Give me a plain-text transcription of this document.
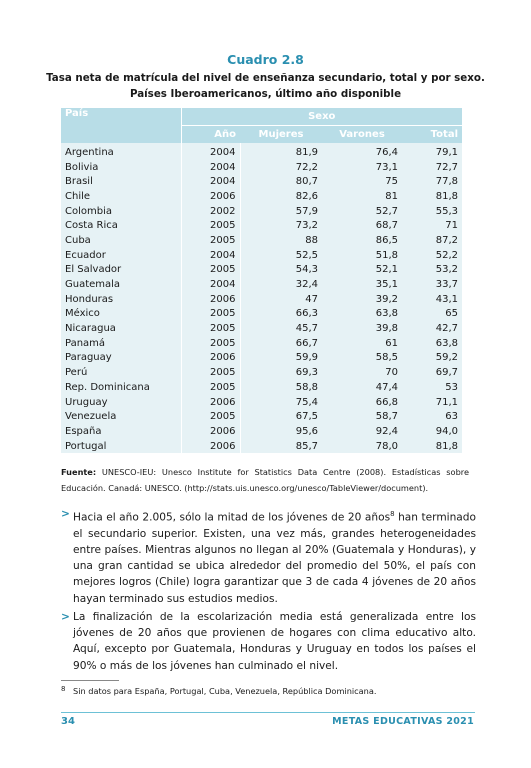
Cuadro 2.8
Tasa neta de matrícula del nivel de enseñanza secundario, total y por sexo.
Países Iberoamericanos, último año disponible
País	Sexo			
	Año	Mujeres	Varones	Total
Argentina	2004	81,9	76,4	79,1
Bolivia	2004	72,2	73,1	72,7
Brasil	2004	80,7	75	77,8
Chile	2006	82,6	81	81,8
Colombia	2002	57,9	52,7	55,3
Costa Rica	2005	73,2	68,7	71
Cuba	2005	88	86,5	87,2
Ecuador	2004	52,5	51,8	52,2
El Salvador	2005	54,3	52,1	53,2
Guatemala	2004	32,4	35,1	33,7
Honduras	2006	47	39,2	43,1
México	2005	66,3	63,8	65
Nicaragua	2005	45,7	39,8	42,7
Panamá	2005	66,7	61	63,8
Paraguay	2006	59,9	58,5	59,2
Perú	2005	69,3	70	69,7
Rep. Dominicana	2005	58,8	47,4	53
Uruguay	2006	75,4	66,8	71,1
Venezuela	2005	67,5	58,7	63
España	2006	95,6	92,4	94,0
Portugal	2006	85,7	78,0	81,8
Fuente: UNESCO-IEU: Unesco Institute for Statistics Data Centre (2008). Estadísticas sobre Educación. Canadá: UNESCO. (http://stats.uis.unesco.org/unesco/TableViewer/document).
> Hacia el año 2.005, sólo la mitad de los jóvenes de 20 años$^8$ han terminado el secundario superior. Existen, una vez más, grandes heterogeneidades entre países. Mientras algunos no llegan al 20% (Guatemala y Honduras), y una gran cantidad se ubica alrededor del promedio del 50%, el país con mejores logros (Chile) logra garantizar que 3 de cada 4 jóvenes de 20 años hayan terminado sus estudios medios.
> La finalización de la escolarización media está generalizada entre los jóvenes de 20 años que provienen de hogares con clima educativo alto. Aquí, excepto por Guatemala, Honduras y Uruguay en todos los países el 90% o más de los jóvenes han culminado el nivel.
8 Sin datos para España, Portugal, Cuba, Venezuela, República Dominicana.
34	METAS EDUCATIVAS 2021
